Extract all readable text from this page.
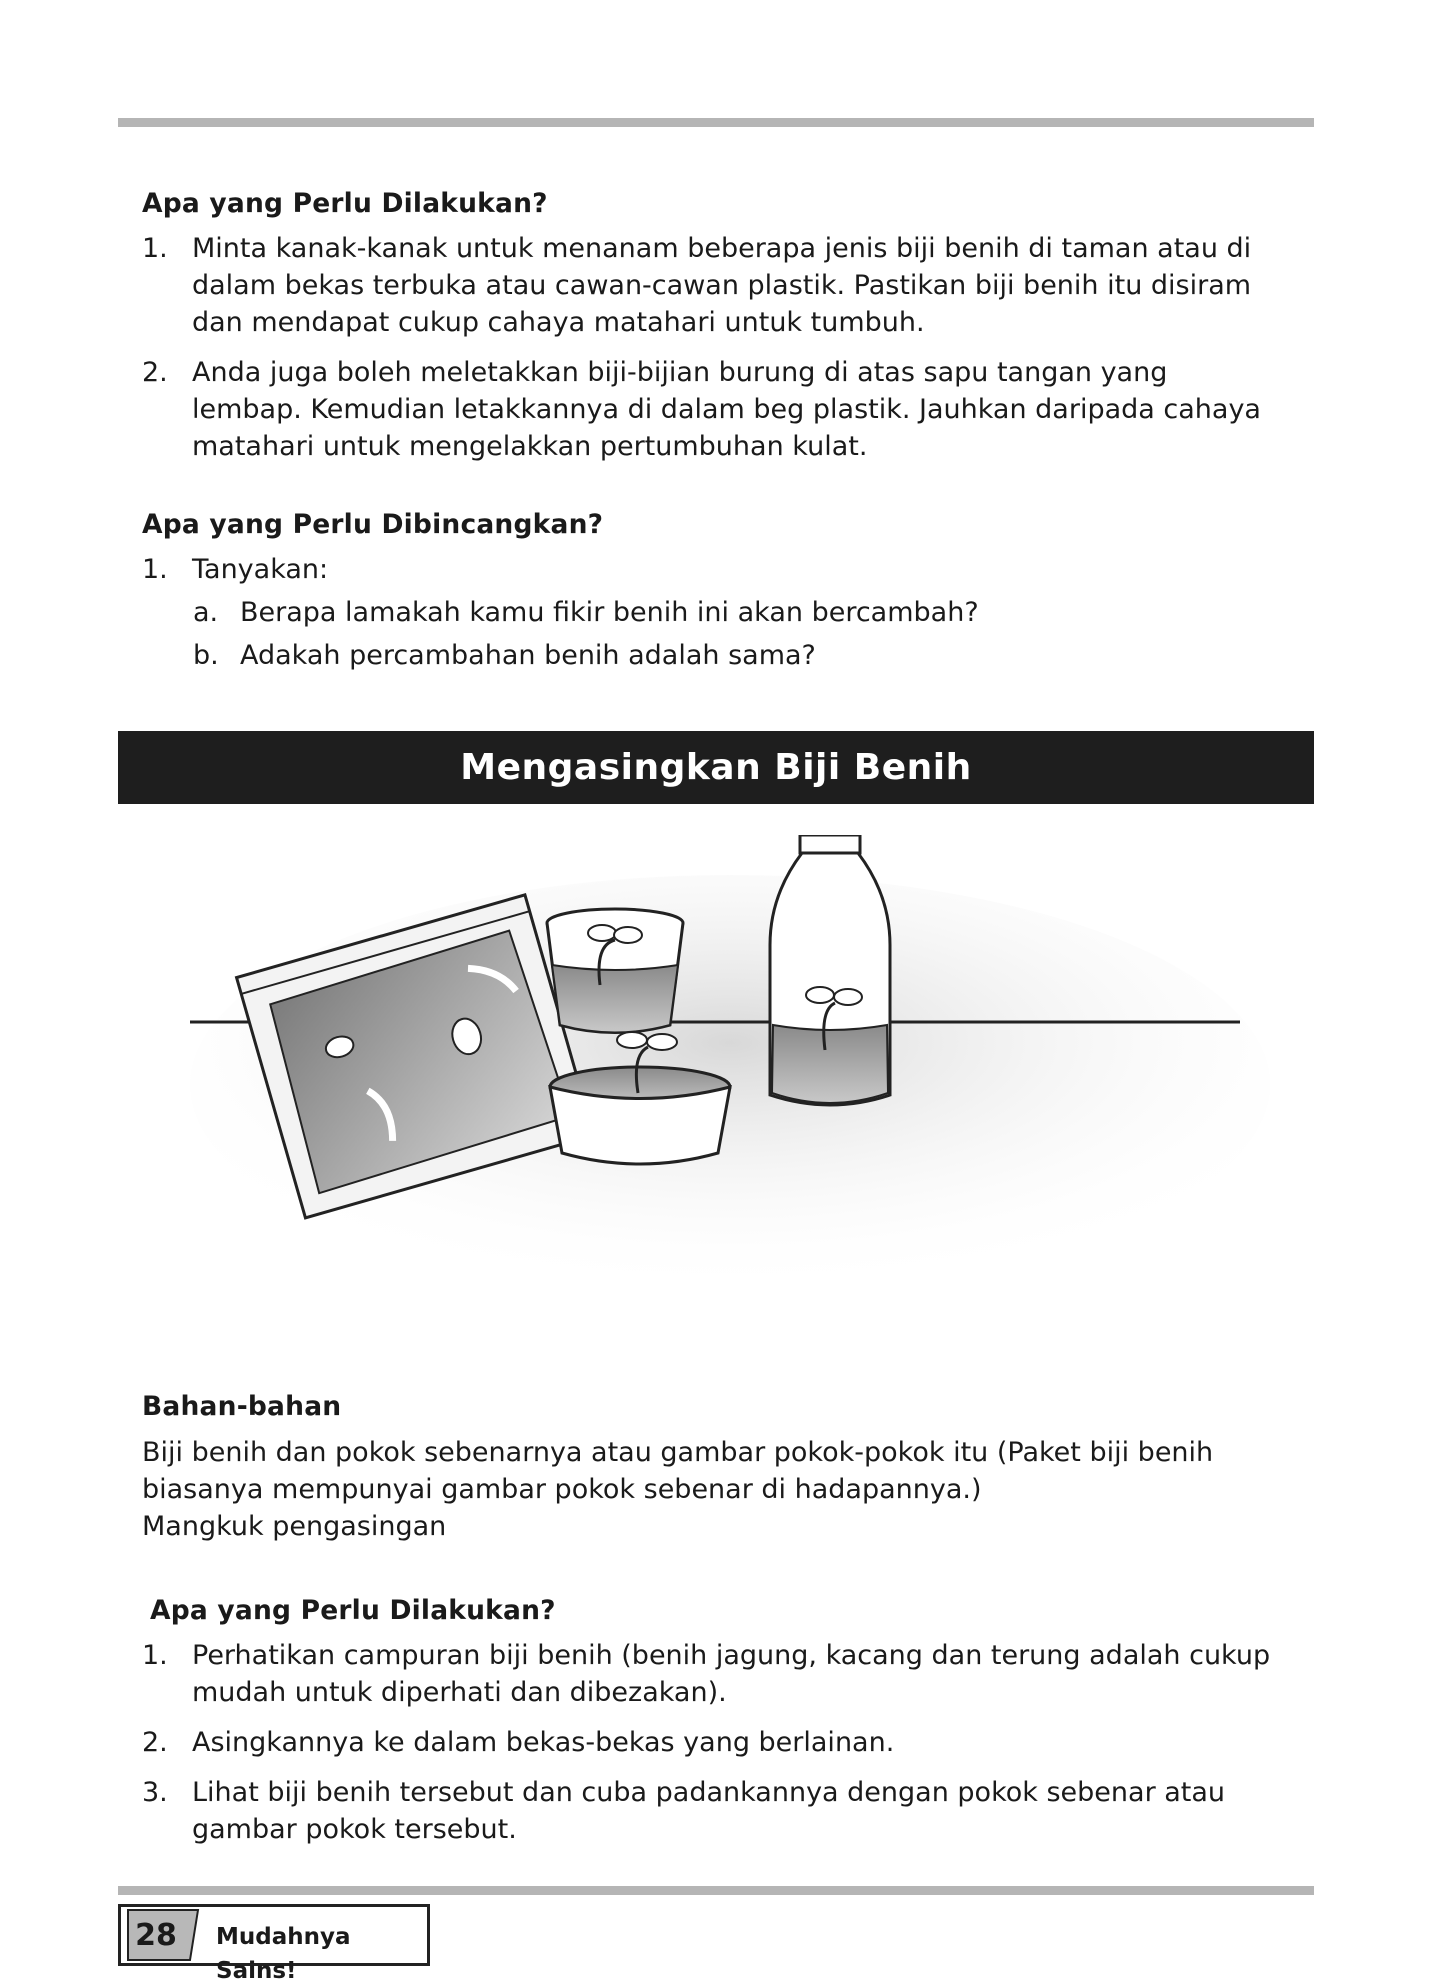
Apa yang Perlu Dilakukan?

1. Minta kanak-kanak untuk menanam beberapa jenis biji benih di taman atau di
dalam bekas terbuka atau cawan-cawan plastik. Pastikan biji benih itu disiram
dan mendapat cukup cahaya matahari untuk tumbuh.
2. Anda juga boleh meletakkan biji-bijian burung di atas sapu tangan yang
lembap. Kemudian letakkannya di dalam beg plastik. Jauhkan daripada cahaya
matahari untuk mengelakkan pertumbuhan kulat.

Apa yang Perlu Dibincangkan?

1. Tanyakan:
a. Berapa lamakah kamu fikir benih ini akan bercambah?
b. Adakah percambahan benih adalah sama?
Mengasingkan Biji Benih

Bahan-bahan

Biji benih dan pokok sebenarnya atau gambar pokok-pokok itu (Paket biji benih

biasanya mempunyai gambar pokok sebenar di hadapannya.)

Mangkuk pengasingan

Apa yang Perlu Dilakukan?

1. Perhatikan campuran biji benih (benih jagung, kacang dan terung adalah cukup
mudah untuk diperhati dan dibezakan).
2. Asingkannya ke dalam bekas-bekas yang berlainan.
3. Lihat biji benih tersebut dan cuba padankannya dengan pokok sebenar atau
gambar pokok tersebut.
28 Mudahnya Sains!
